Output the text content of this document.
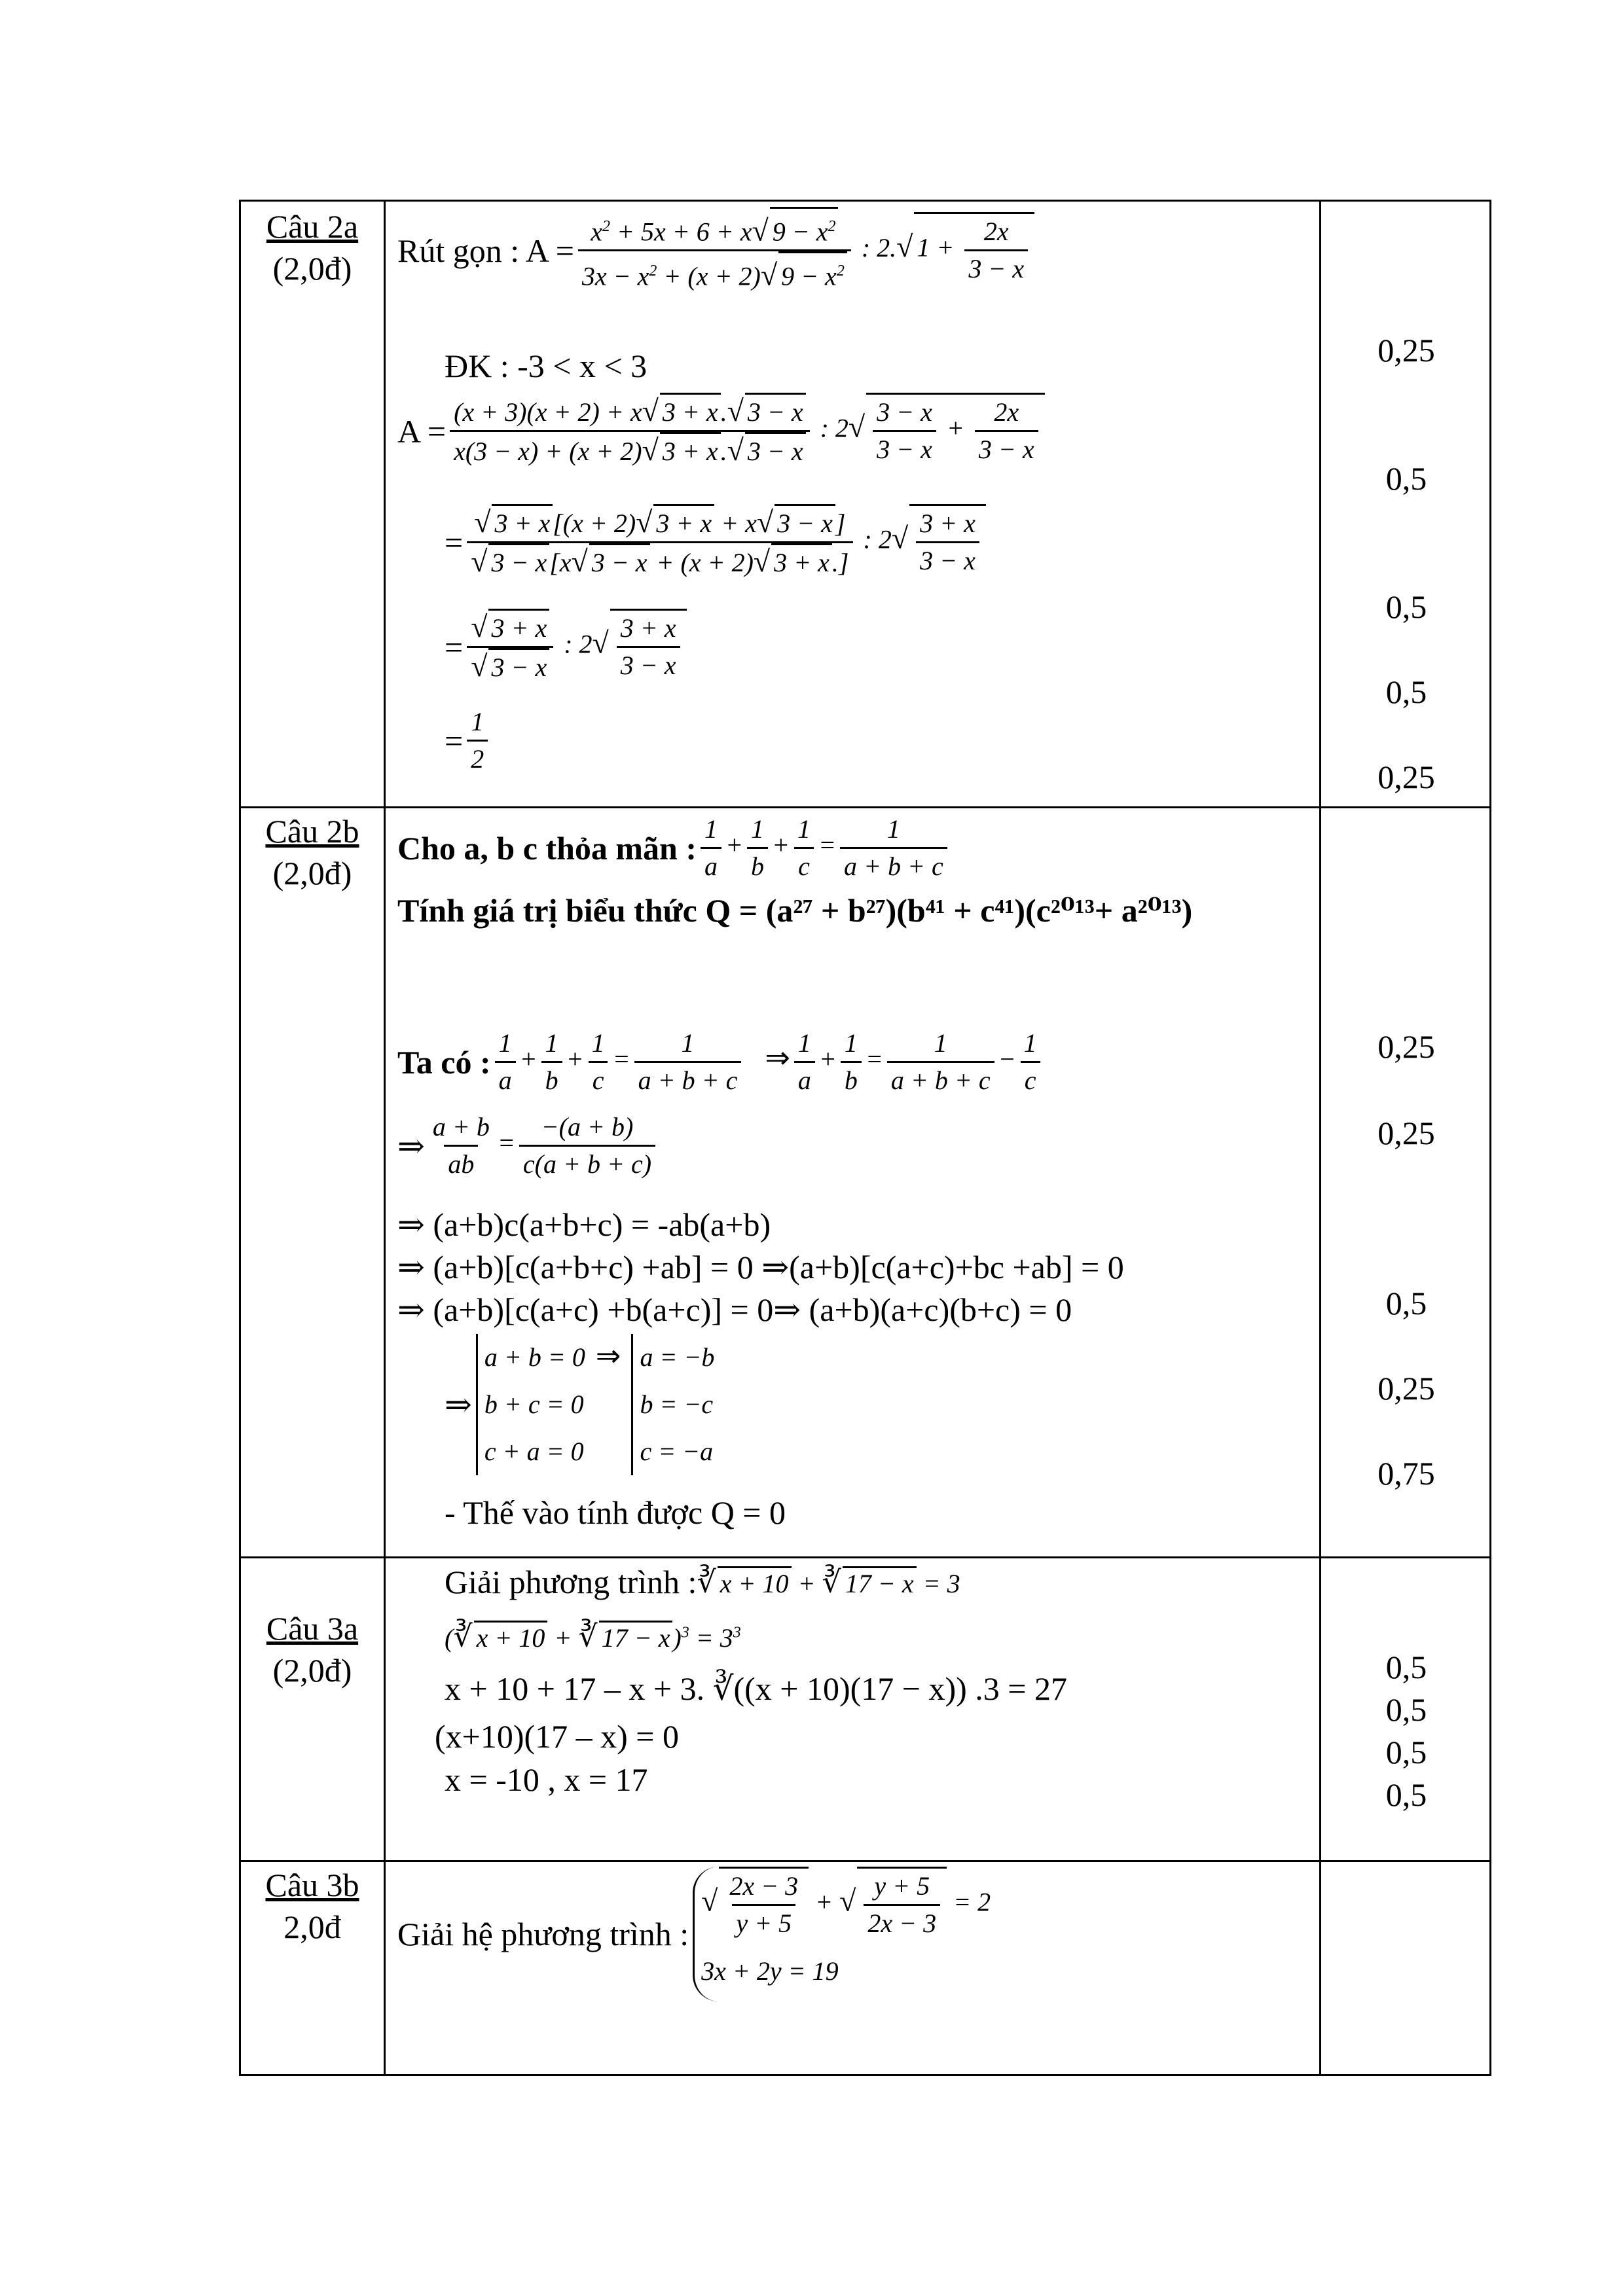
Câu 2a
(2,0đ)	Rút gọn : $A = \frac{x^2 + 5x + 6 + x√ 9 - x^2}{3x - x^2 + (x + 2)√ 9 - x^2}$ : 2.√ $1 + \frac{2x}{3 - x}$
ĐK : -3 < x < 3
$A = \frac{(x + 3)(x + 2) + x√ 3 + x .√ 3 - x}{x(3 - x) + (x + 2)√ 3 + x .√ 3 - x}$ : $2√ \frac{3 - x}{3 - x} + \frac{2x}{3 - x}$
= $\frac{√ 3 + x [(x + 2)√ 3 + x + x√ 3 - x ]}{√ 3 - x [x√ 3 - x + (x + 2)√ 3 + x .]}$ : $2√ \frac{3 + x}{3 - x}$
= $\frac{√ 3 + x}{√ 3 - x}$ : $2√ \frac{3 + x}{3 - x}$
= $\frac{1}{2}$
0,25
0,5
0,5
0,5
0,25
Câu 2b
(2,0đ)
Cho a, b c thỏa mãn : $\frac{1}{a} + \frac{1}{b} + \frac{1}{c} = \frac{1}{a + b + c}$
Tính giá trị biểu thức Q = (a²⁷ + b²⁷)(b⁴¹ + c⁴¹)(c²⁰¹³+ a²⁰¹³)
Ta có : $\frac{1}{a} + \frac{1}{b} + \frac{1}{c} = \frac{1}{a + b + c}$ ⇒ $\frac{1}{a} + \frac{1}{b} = \frac{1}{a + b + c} - \frac{1}{c}$
⇒ $\frac{a + b}{ab} = \frac{-(a + b)}{c(a + b + c)}$
⇒ (a+b)c(a+b+c) = -ab(a+b)
⇒ (a+b)[c(a+b+c) +ab] = 0 ⇒(a+b)[c(a+c)+bc +ab] = 0
⇒ (a+b)[c(a+c) +b(a+c)] = 0⇒ (a+b)(a+c)(b+c) = 0
⇒
a + b = 0
b + c = 0
c + a = 0
⇒ a = −b
b = −c
c = −a
- Thế vào tính được Q = 0
0,25
0,25
0,5
0,25
0,75
Câu 3a
(2,0đ)
Giải phương trình : ∛ x + 10 + ∛ 17 − x = 3
(∛ x + 10 + ∛ 17 − x )$^3 = 3^3$
x + 10 + 17 – x + 3. ∛((x + 10)(17 − x)) .3 = 27
(x+10)(17 – x) = 0
x = -10 , x = 17
0,5
0,5
0,5
0,5
Câu 3b
2,0đ	Giải hệ phương trình :
√ $\frac{2x - 3}{y + 5}$ + √ $\frac{y + 5}{2x - 3} = 2$
3x + 2y = 19
